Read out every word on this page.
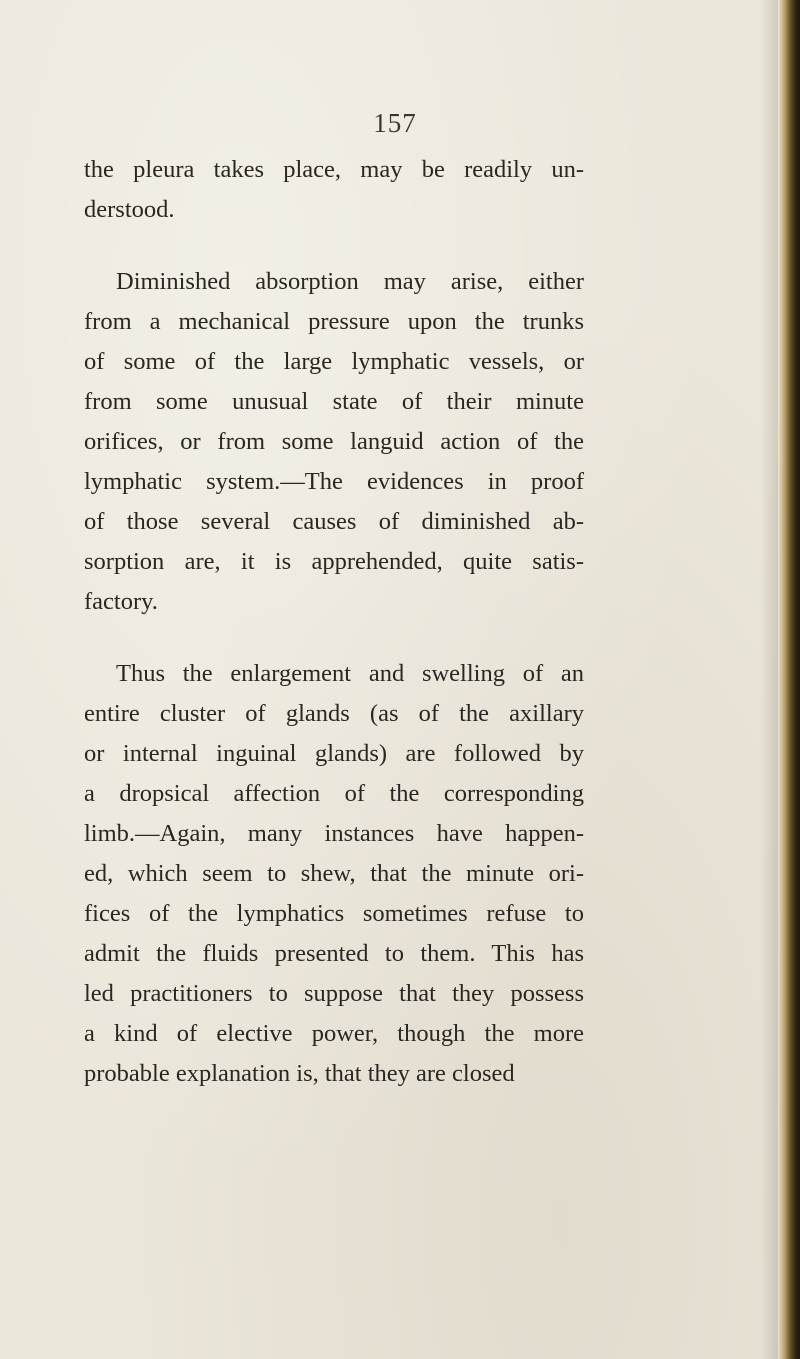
157
the pleura takes place, may be readily un-
derstood.
Diminished absorption may arise, either
from a mechanical pressure upon the trunks
of some of the large lymphatic vessels, or
from some unusual state of their minute
orifices, or from some languid action of the
lymphatic system.—The evidences in proof
of those several causes of diminished ab-
sorption are, it is apprehended, quite satis-
factory.
Thus the enlargement and swelling of an
entire cluster of glands (as of the axillary
or internal inguinal glands) are followed by
a dropsical affection of the corresponding
limb.—Again, many instances have happen-
ed, which seem to shew, that the minute ori-
fices of the lymphatics sometimes refuse to
admit the fluids presented to them. This has
led practitioners to suppose that they possess
a kind of elective power, though the more
probable explanation is, that they are closed
